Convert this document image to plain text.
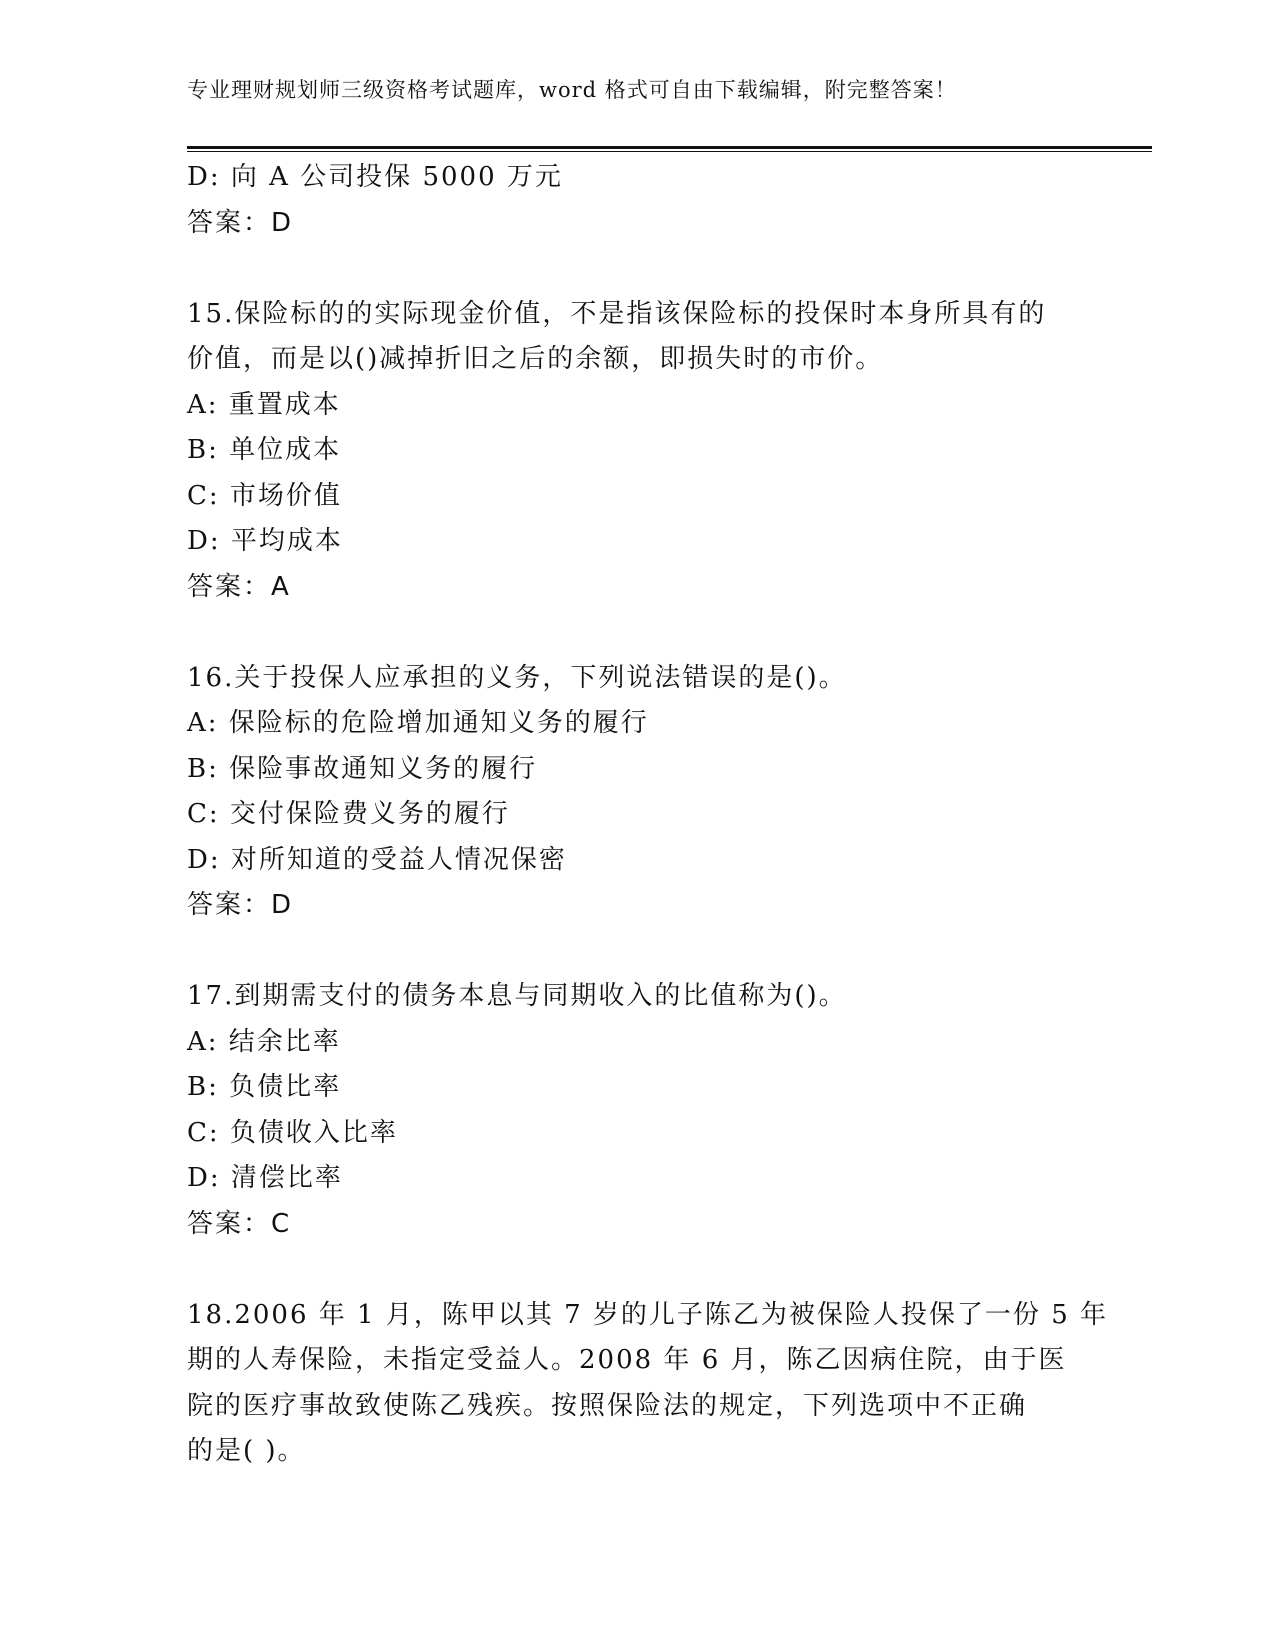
专业理财规划师三级资格考试题库，word 格式可自由下载编辑，附完整答案！
D: 向 A 公司投保 5000 万元
答案：D
15.保险标的的实际现金价值，不是指该保险标的投保时本身所具有的
价值，而是以()减掉折旧之后的余额，即损失时的市价。
A: 重置成本
B: 单位成本
C: 市场价值
D: 平均成本
答案：A
16.关于投保人应承担的义务，下列说法错误的是()。
A: 保险标的危险增加通知义务的履行
B: 保险事故通知义务的履行
C: 交付保险费义务的履行
D: 对所知道的受益人情况保密
答案：D
17.到期需支付的债务本息与同期收入的比值称为()。
A: 结余比率
B: 负债比率
C: 负债收入比率
D: 清偿比率
答案：C
18.2006 年 1 月，陈甲以其 7 岁的儿子陈乙为被保险人投保了一份 5 年
期的人寿保险，未指定受益人。2008 年 6 月，陈乙因病住院，由于医
院的医疗事故致使陈乙残疾。按照保险法的规定，下列选项中不正确
的是( )。
